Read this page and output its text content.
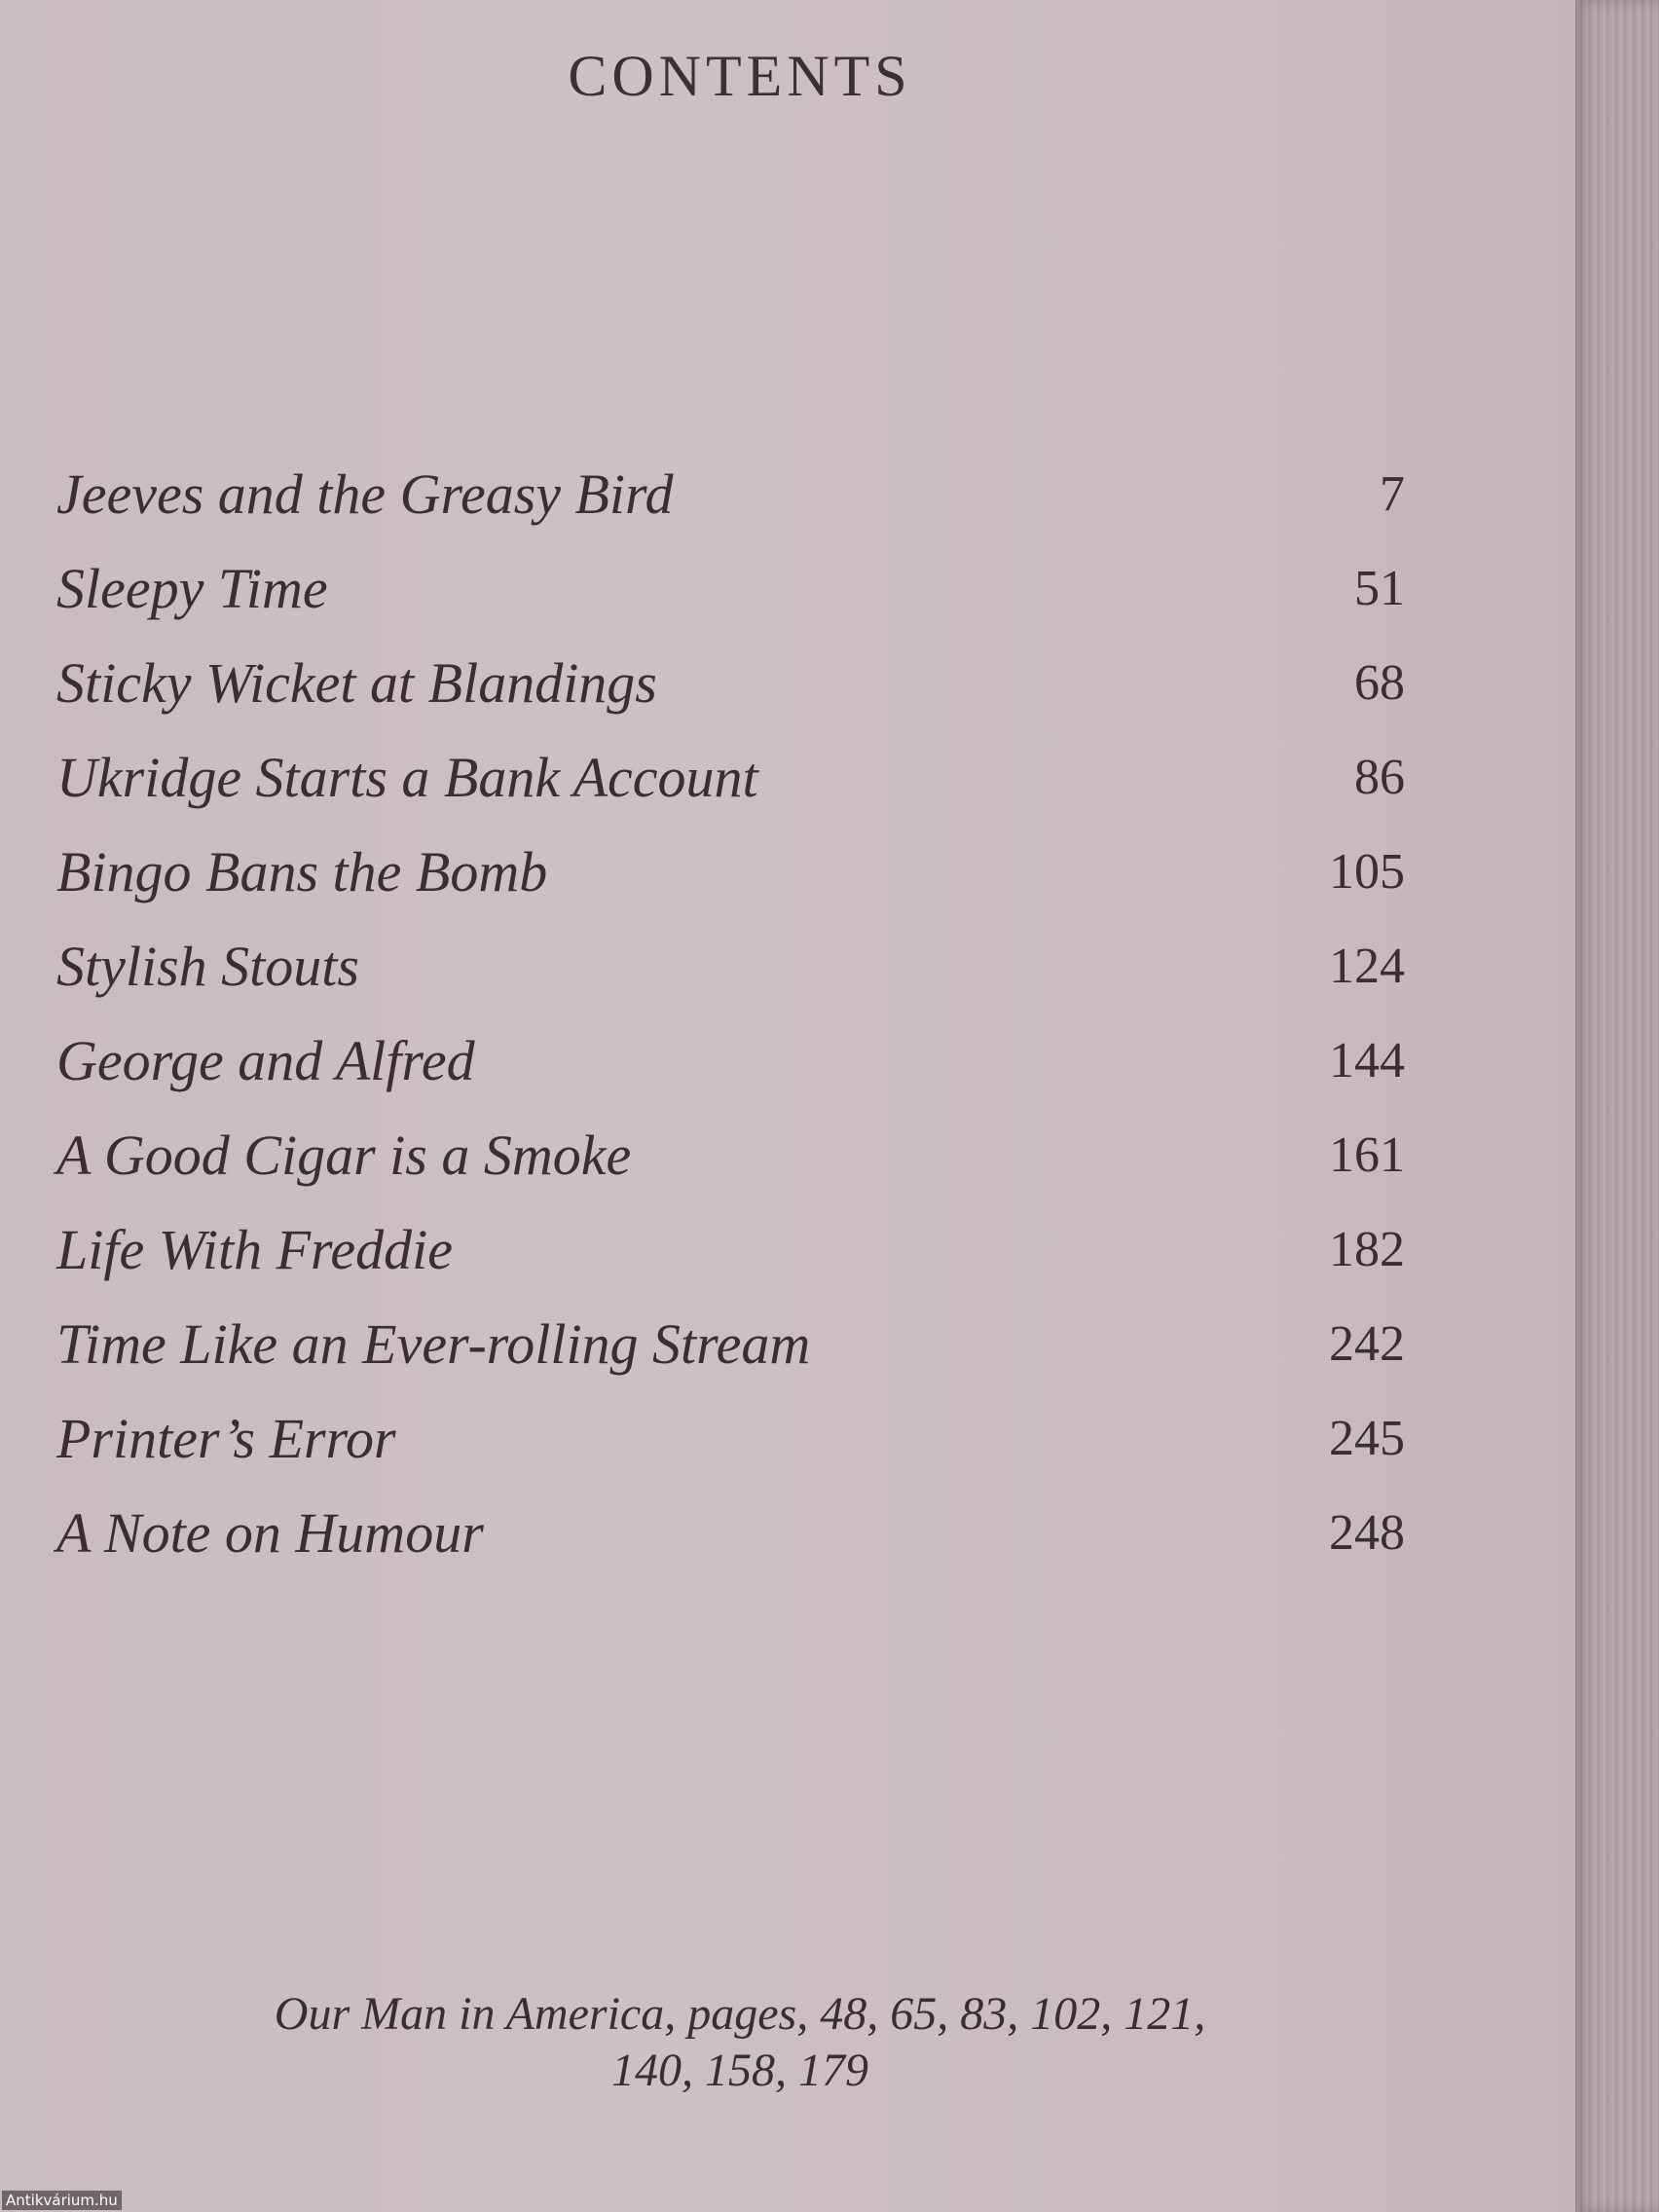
CONTENTS
Jeeves and the Greasy Bird	7
Sleepy Time	51
Sticky Wicket at Blandings	68
Ukridge Starts a Bank Account	86
Bingo Bans the Bomb	105
Stylish Stouts	124
George and Alfred	144
A Good Cigar is a Smoke	161
Life With Freddie	182
Time Like an Ever-rolling Stream	242
Printer’s Error	245
A Note on Humour	248
Our Man in America, pages, 48, 65, 83, 102, 121,
140, 158, 179
Antikvárium.hu
